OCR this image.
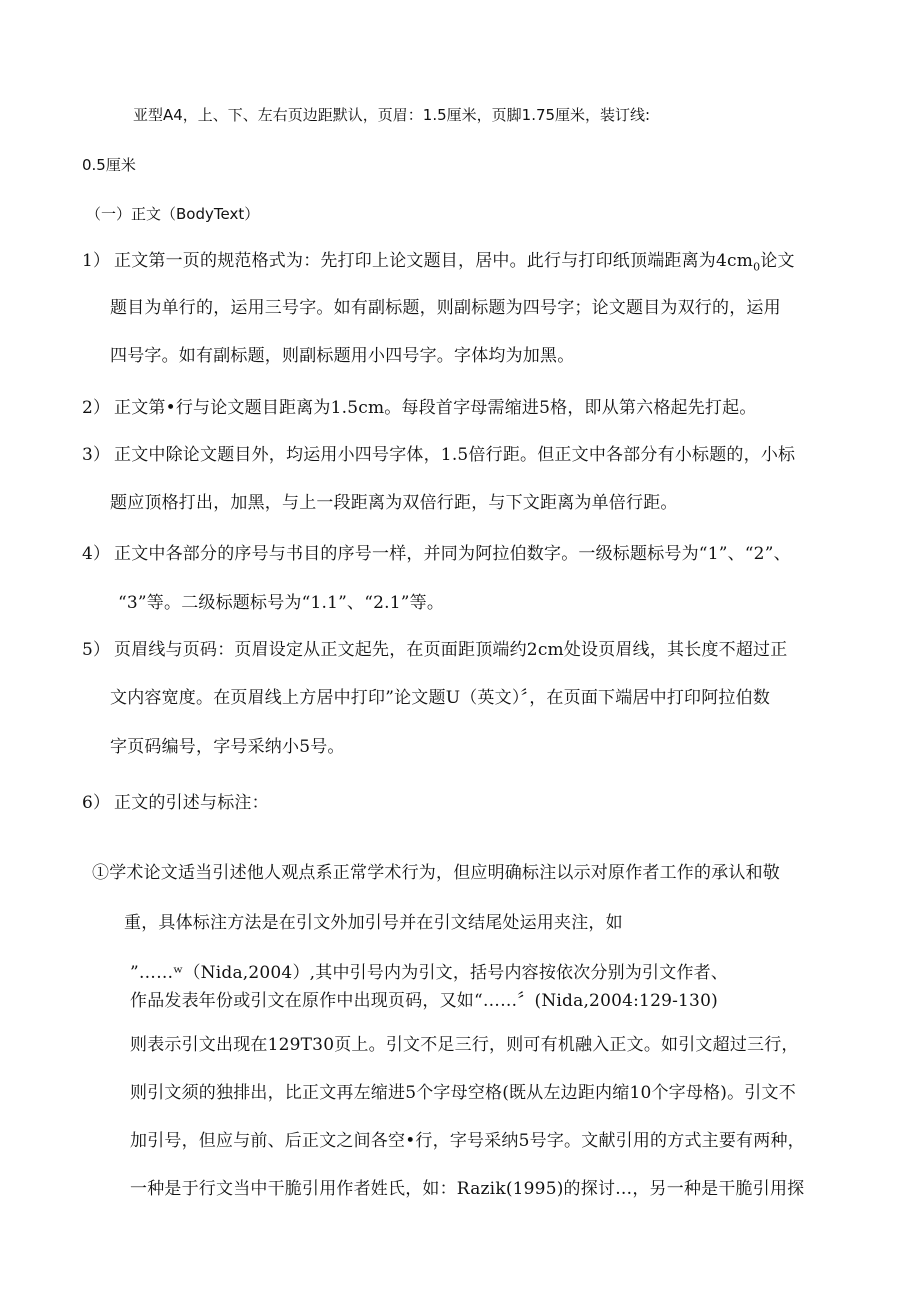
亚型A4，上、下、左右页边距默认，页眉：1.5厘米，页脚1.75厘米，装订线:
0.5厘米
（一）正文（BodyText）
1） 正文第一页的规范格式为：先打印上论文题目，居中。此行与打印纸顶端距离为$4cm_0$论文
题目为单行的，运用三号字。如有副标题，则副标题为四号字；论文题目为双行的，运用
四号字。如有副标题，则副标题用小四号字。字体均为加黑。
2） 正文第•行与论文题目距离为1.5cm。每段首字母需缩进5格，即从第六格起先打起。
3） 正文中除论文题目外，均运用小四号字体，1.5倍行距。但正文中各部分有小标题的，小标
题应顶格打出，加黑，与上一段距离为双倍行距，与下文距离为单倍行距。
4） 正文中各部分的序号与书目的序号一样，并同为阿拉伯数字。一级标题标号为“1”、“2”、
“3”等。二级标题标号为“1.1”、“2.1”等。
5） 页眉线与页码：页眉设定从正文起先，在页面距顶端约2cm处设页眉线，其长度不超过正
文内容宽度。在页眉线上方居中打印”论文题U（英文）〞，在页面下端居中打印阿拉伯数
字页码编号，字号采纳小5号。
6） 正文的引述与标注：
①学术论文适当引述他人观点系正常学术行为，但应明确标注以示对原作者工作的承认和敬
重，具体标注方法是在引文外加引号并在引文结尾处运用夹注，如
”……ʷ（Nida,2004）,其中引号内为引文，括号内容按依次分别为引文作者、
作品发表年份或引文在原作中出现页码，又如“……〞(Nida,2004:129-130)
则表示引文出现在129T30页上。引文不足三行，则可有机融入正文。如引文超过三行，
则引文须的独排出，比正文再左缩进5个字母空格(既从左边距内缩10个字母格)。引文不
加引号，但应与前、后正文之间各空•行，字号采纳5号字。文献引用的方式主要有两种，
一种是于行文当中干脆引用作者姓氏，如：Razik(1995)的探讨…，另一种是干脆引用探
